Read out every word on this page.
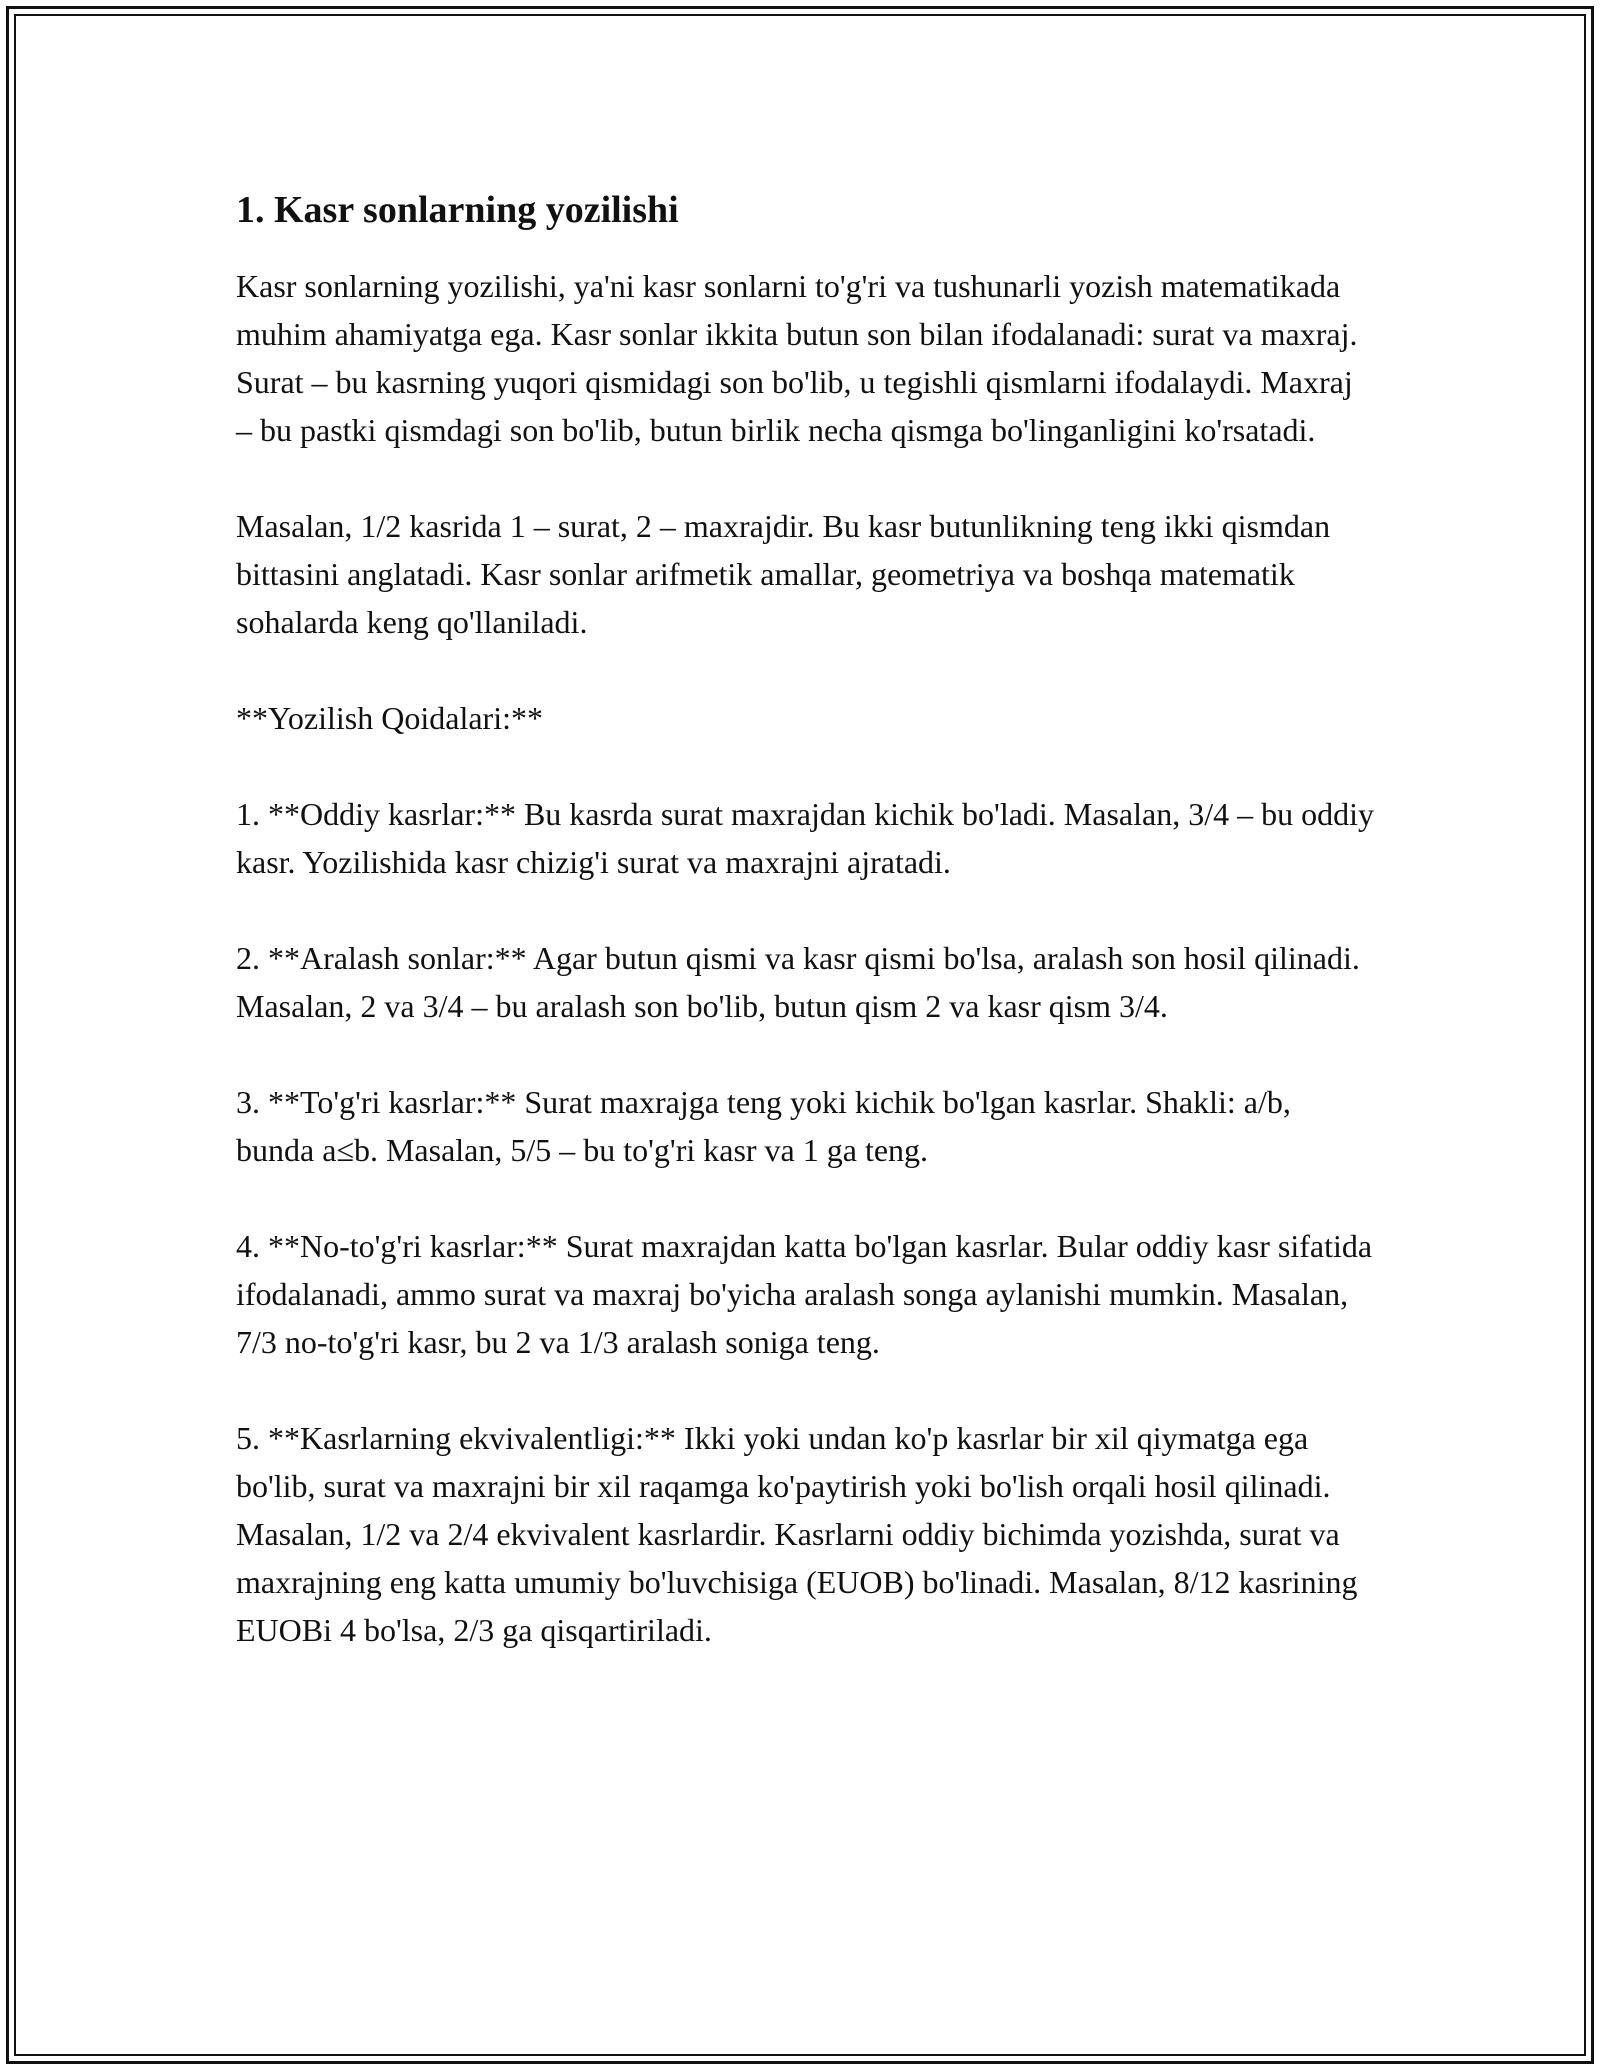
1. Kasr sonlarning yozilishi

Kasr sonlarning yozilishi, ya'ni kasr sonlarni to'g'ri va tushunarli yozish matematikada muhim ahamiyatga ega. Kasr sonlar ikkita butun son bilan ifodalanadi: surat va maxraj. Surat – bu kasrning yuqori qismidagi son bo'lib, u tegishli qismlarni ifodalaydi. Maxraj – bu pastki qismdagi son bo'lib, butun birlik necha qismga bo'linganligini ko'rsatadi.

Masalan, 1/2 kasrida 1 – surat, 2 – maxrajdir. Bu kasr butunlikning teng ikki qismdan bittasini anglatadi. Kasr sonlar arifmetik amallar, geometriya va boshqa matematik sohalarda keng qo'llaniladi.

**Yozilish Qoidalari:**

1. **Oddiy kasrlar:** Bu kasrda surat maxrajdan kichik bo'ladi. Masalan, 3/4 – bu oddiy kasr. Yozilishida kasr chizig'i surat va maxrajni ajratadi.

2. **Aralash sonlar:** Agar butun qismi va kasr qismi bo'lsa, aralash son hosil qilinadi. Masalan, 2 va 3/4 – bu aralash son bo'lib, butun qism 2 va kasr qism 3/4.

3. **To'g'ri kasrlar:** Surat maxrajga teng yoki kichik bo'lgan kasrlar. Shakli: a/b, bunda a≤b. Masalan, 5/5 – bu to'g'ri kasr va 1 ga teng.

4. **No-to'g'ri kasrlar:** Surat maxrajdan katta bo'lgan kasrlar. Bular oddiy kasr sifatida ifodalanadi, ammo surat va maxraj bo'yicha aralash songa aylanishi mumkin. Masalan, 7/3 no-to'g'ri kasr, bu 2 va 1/3 aralash soniga teng.

5. **Kasrlarning ekvivalentligi:** Ikki yoki undan ko'p kasrlar bir xil qiymatga ega bo'lib, surat va maxrajni bir xil raqamga ko'paytirish yoki bo'lish orqali hosil qilinadi. Masalan, 1/2 va 2/4 ekvivalent kasrlardir. Kasrlarni oddiy bichimda yozishda, surat va maxrajning eng katta umumiy bo'luvchisiga (EUOB) bo'linadi. Masalan, 8/12 kasrining EUOBi 4 bo'lsa, 2/3 ga qisqartiriladi.
